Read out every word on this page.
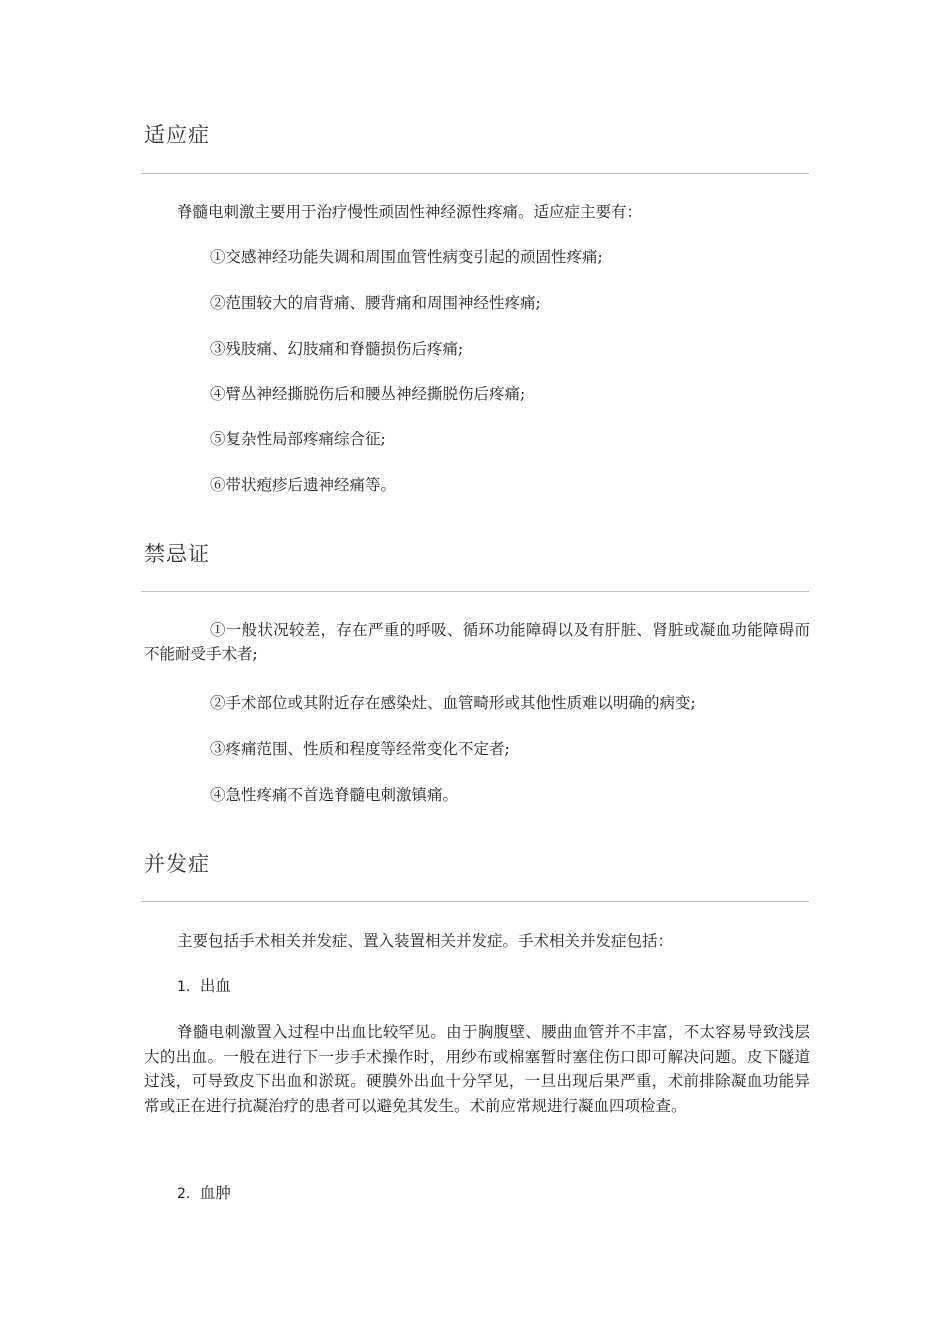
适应症
脊髓电刺激主要用于治疗慢性顽固性神经源性疼痛。适应症主要有：
①交感神经功能失调和周围血管性病变引起的顽固性疼痛;
②范围较大的肩背痛、腰背痛和周围神经性疼痛;
③残肢痛、幻肢痛和脊髓损伤后疼痛;
④臂丛神经撕脱伤后和腰丛神经撕脱伤后疼痛;
⑤复杂性局部疼痛综合征;
⑥带状疱疹后遗神经痛等。
禁忌证
①一般状况较差，存在严重的呼吸、循环功能障碍以及有肝脏、肾脏或凝血功能障碍而不能耐受手术者;
②手术部位或其附近存在感染灶、血管畸形或其他性质难以明确的病变;
③疼痛范围、性质和程度等经常变化不定者;
④急性疼痛不首选脊髓电刺激镇痛。
并发症
主要包括手术相关并发症、置入装置相关并发症。手术相关并发症包括：
1．出血
脊髓电刺激置入过程中出血比较罕见。由于胸腹壁、腰曲血管并不丰富，不太容易导致浅层大的出血。一般在进行下一步手术操作时，用纱布或棉塞暂时塞住伤口即可解决问题。皮下隧道过浅，可导致皮下出血和淤斑。硬膜外出血十分罕见，一旦出现后果严重，术前排除凝血功能异常或正在进行抗凝治疗的患者可以避免其发生。术前应常规进行凝血四项检查。
2．血肿
